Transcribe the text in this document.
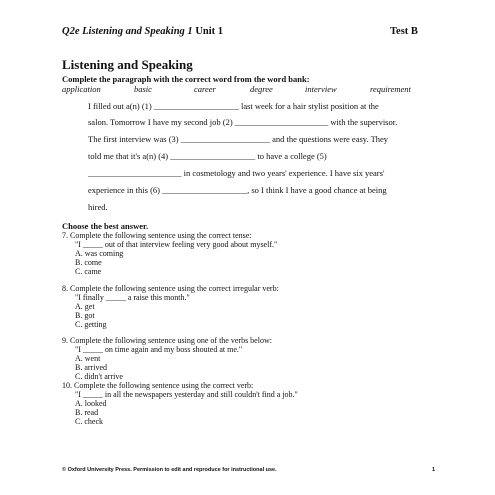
Q2e Listening and Speaking 1 Unit 1	Test B
Listening and Speaking
Complete the paragraph with the correct word from the word bank:
application	basic	career	degree	interview	requirement
I filled out a(n) (1) ____________________ last week for a hair stylist position at the
salon. Tomorrow I have my second job (2) ______________________ with the supervisor.
The first interview was (3) _____________________ and the questions were easy. They
told me that it's a(n) (4) ____________________ to have a college (5)
______________________ in cosmetology and two years' experience. I have six years'
experience in this (6) ____________________, so I think I have a good chance at being
hired.
Choose the best answer.
7. Complete the following sentence using the correct tense:
"I _____ out of that interview feeling very good about myself."
A. was coming
B. come
C. came
8. Complete the following sentence using the correct irregular verb:
"I finally _____ a raise this month."
A. get
B. got
C. getting
9. Complete the following sentence using one of the verbs below:
"I _____ on time again and my boss shouted at me."
A. went
B. arrived
C. didn't arrive
10. Complete the following sentence using the correct verb:
"I _____ in all the newspapers yesterday and still couldn't find a job."
A. looked
B. read
C. check
© Oxford University Press. Permission to edit and reproduce for instructional use.	1
